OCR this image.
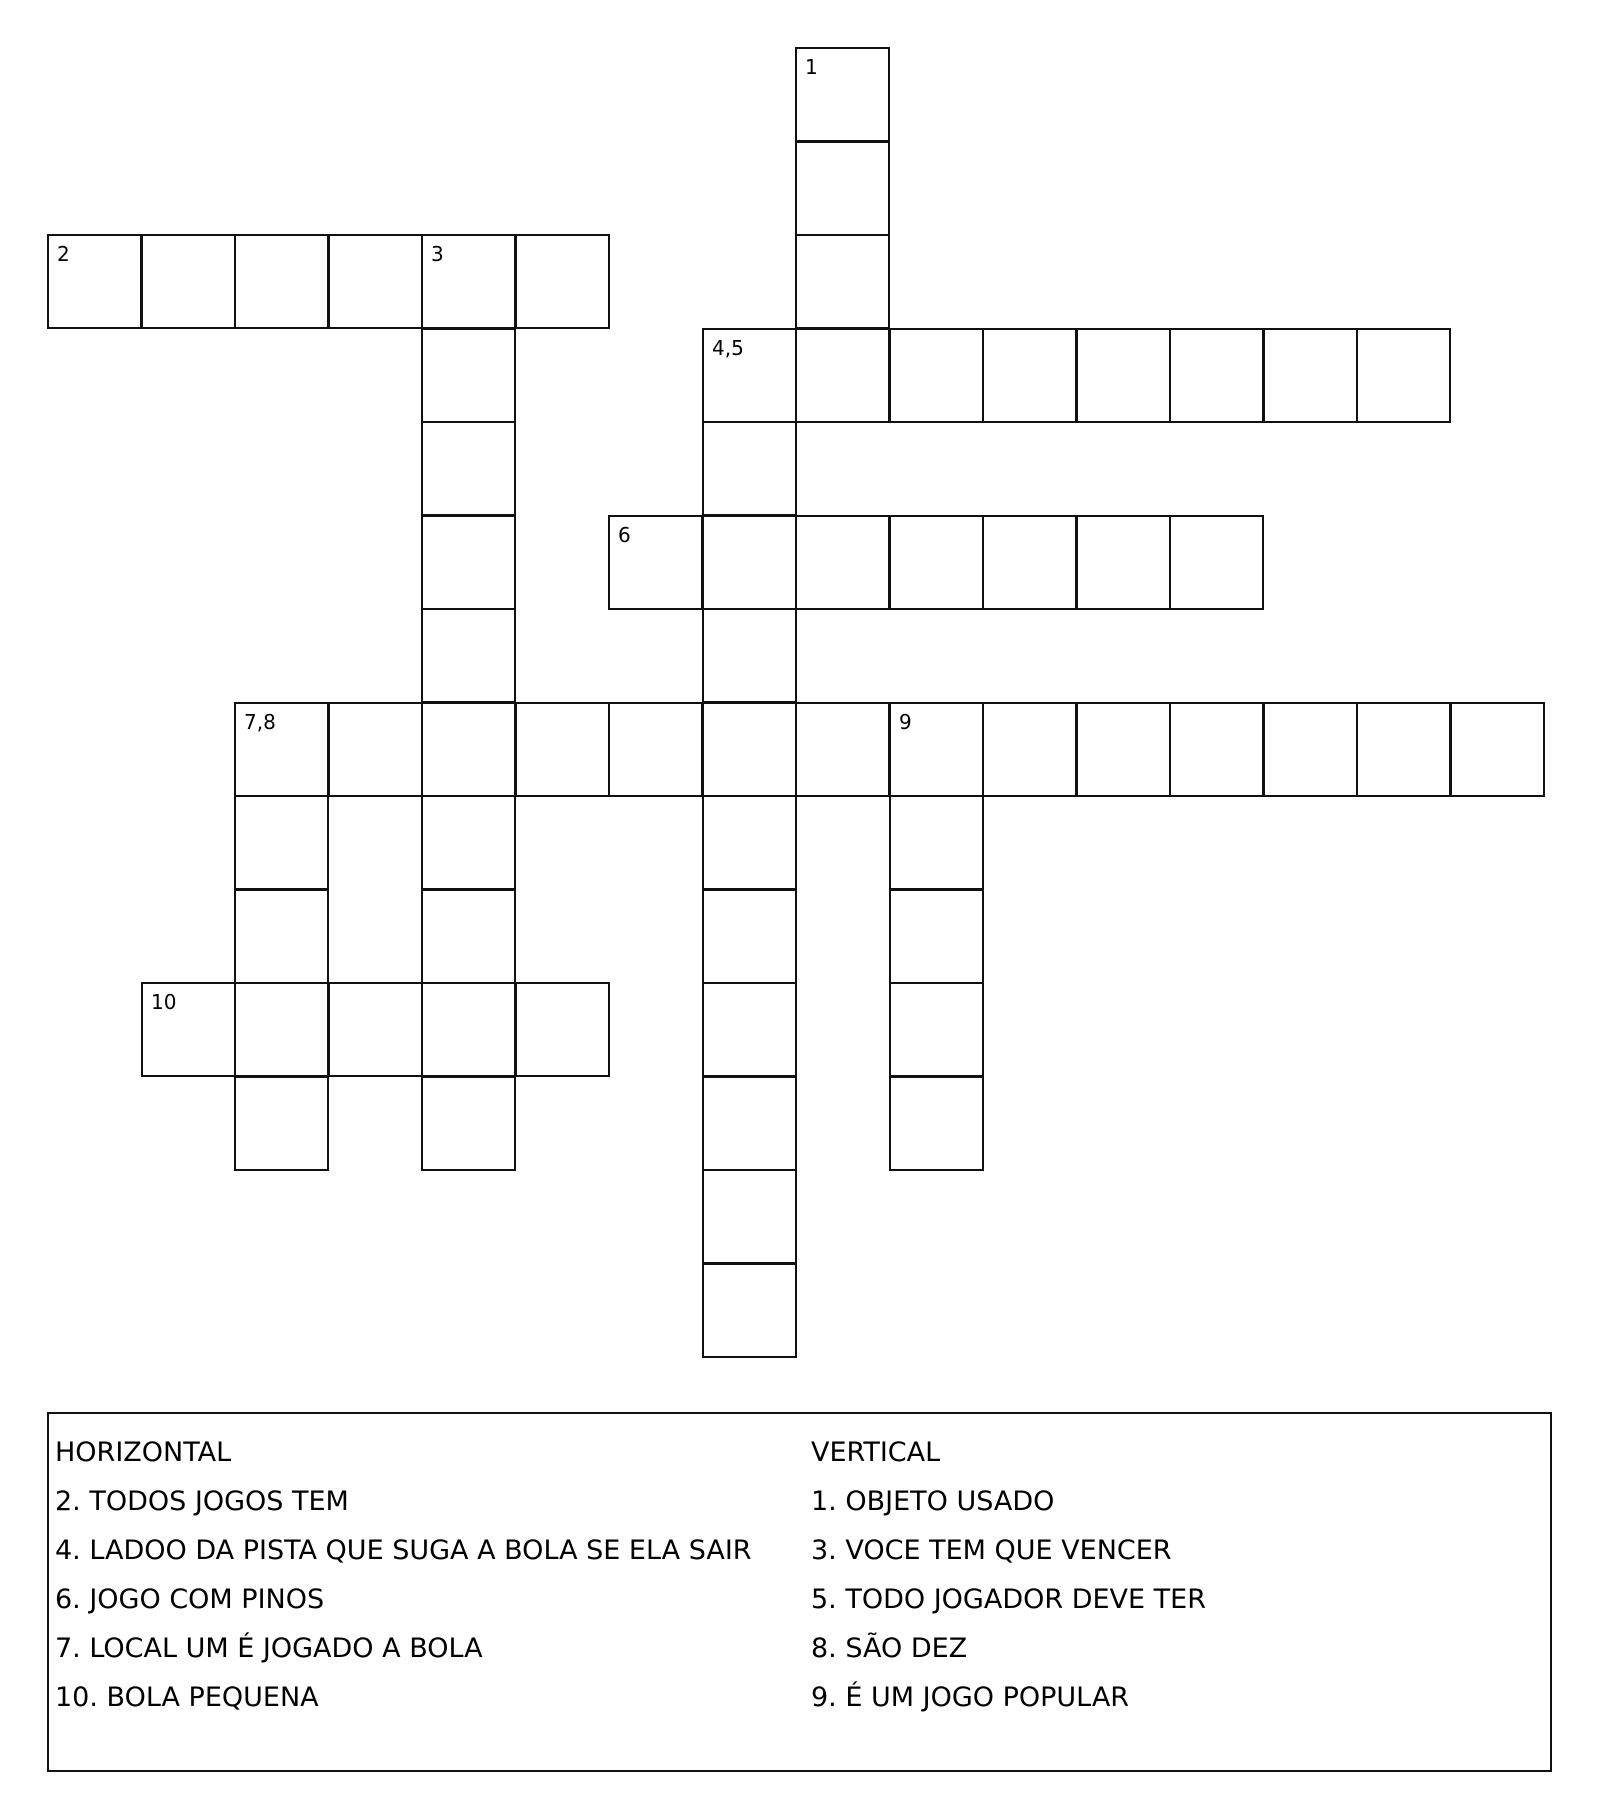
1
2	3
4,5
6
7,8	9
10
HORIZONTAL
2. TODOS JOGOS TEM
4. LADOO DA PISTA QUE SUGA A BOLA SE ELA SAIR
6. JOGO COM PINOS
7. LOCAL UM É JOGADO A BOLA
10. BOLA PEQUENA
VERTICAL
1. OBJETO USADO
3. VOCE TEM QUE VENCER
5. TODO JOGADOR DEVE TER
8. SÃO DEZ
9. É UM JOGO POPULAR
